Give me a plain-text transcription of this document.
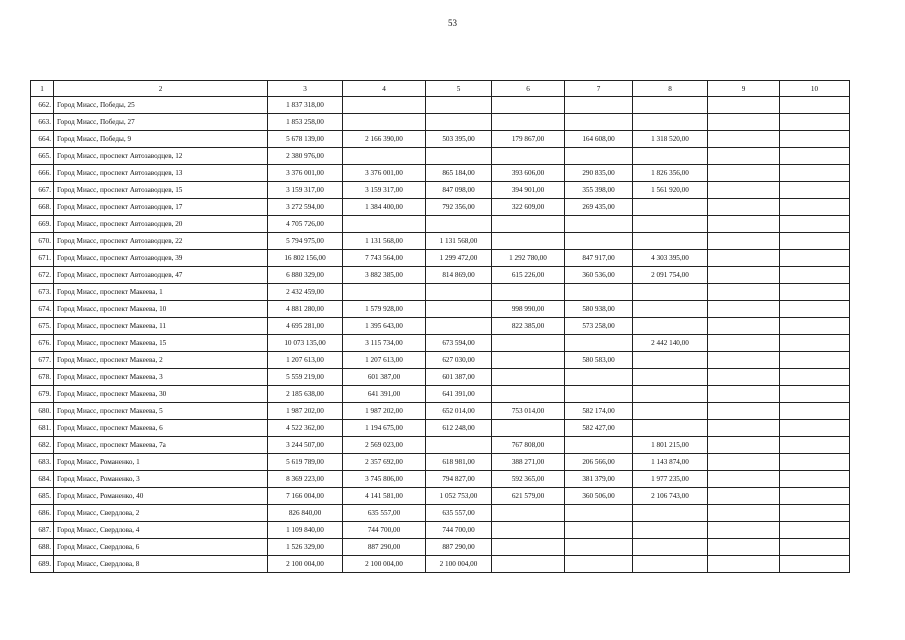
53
1	2	3	4	5	6	7	8	9	10
662.	Город Миасс, Победы, 25	1 837 318,00							
663.	Город Миасс, Победы, 27	1 853 258,00							
664.	Город Миасс, Победы, 9	5 678 139,00	2 166 390,00	503 395,00	179 867,00	164 608,00	1 318 520,00		
665.	Город Миасс, проспект Автозаводцев, 12	2 380 976,00							
666.	Город Миасс, проспект Автозаводцев, 13	3 376 001,00	3 376 001,00	865 184,00	393 606,00	290 835,00	1 826 356,00		
667.	Город Миасс, проспект Автозаводцев, 15	3 159 317,00	3 159 317,00	847 098,00	394 901,00	355 398,00	1 561 920,00		
668.	Город Миасс, проспект Автозаводцев, 17	3 272 594,00	1 384 400,00	792 356,00	322 609,00	269 435,00			
669.	Город Миасс, проспект Автозаводцев, 20	4 705 726,00							
670.	Город Миасс, проспект Автозаводцев, 22	5 794 975,00	1 131 568,00	1 131 568,00					
671.	Город Миасс, проспект Автозаводцев, 39	16 802 156,00	7 743 564,00	1 299 472,00	1 292 780,00	847 917,00	4 303 395,00		
672.	Город Миасс, проспект Автозаводцев, 47	6 880 329,00	3 882 385,00	814 869,00	615 226,00	360 536,00	2 091 754,00		
673.	Город Миасс, проспект Макеева, 1	2 432 459,00							
674.	Город Миасс, проспект Макеева, 10	4 881 280,00	1 579 928,00		998 990,00	580 938,00			
675.	Город Миасс, проспект Макеева, 11	4 695 281,00	1 395 643,00		822 385,00	573 258,00			
676.	Город Миасс, проспект Макеева, 15	10 073 135,00	3 115 734,00	673 594,00			2 442 140,00		
677.	Город Миасс, проспект Макеева, 2	1 207 613,00	1 207 613,00	627 030,00		580 583,00			
678.	Город Миасс, проспект Макеева, 3	5 559 219,00	601 387,00	601 387,00					
679.	Город Миасс, проспект Макеева, 30	2 185 638,00	641 391,00	641 391,00					
680.	Город Миасс, проспект Макеева, 5	1 987 202,00	1 987 202,00	652 014,00	753 014,00	582 174,00			
681.	Город Миасс, проспект Макеева, 6	4 522 362,00	1 194 675,00	612 248,00		582 427,00			
682.	Город Миасс, проспект Макеева, 7а	3 244 507,00	2 569 023,00		767 808,00		1 801 215,00		
683.	Город Миасс, Романенко, 1	5 619 789,00	2 357 692,00	618 981,00	388 271,00	206 566,00	1 143 874,00		
684.	Город Миасс, Романенко, 3	8 369 223,00	3 745 806,00	794 827,00	592 365,00	381 379,00	1 977 235,00		
685.	Город Миасс, Романенко, 40	7 166 004,00	4 141 581,00	1 052 753,00	621 579,00	360 506,00	2 106 743,00		
686.	Город Миасс, Свердлова, 2	826 840,00	635 557,00	635 557,00					
687.	Город Миасс, Свердлова, 4	1 109 840,00	744 700,00	744 700,00					
688.	Город Миасс, Свердлова, 6	1 526 329,00	887 290,00	887 290,00					
689.	Город Миасс, Свердлова, 8	2 100 004,00	2 100 004,00	2 100 004,00					
